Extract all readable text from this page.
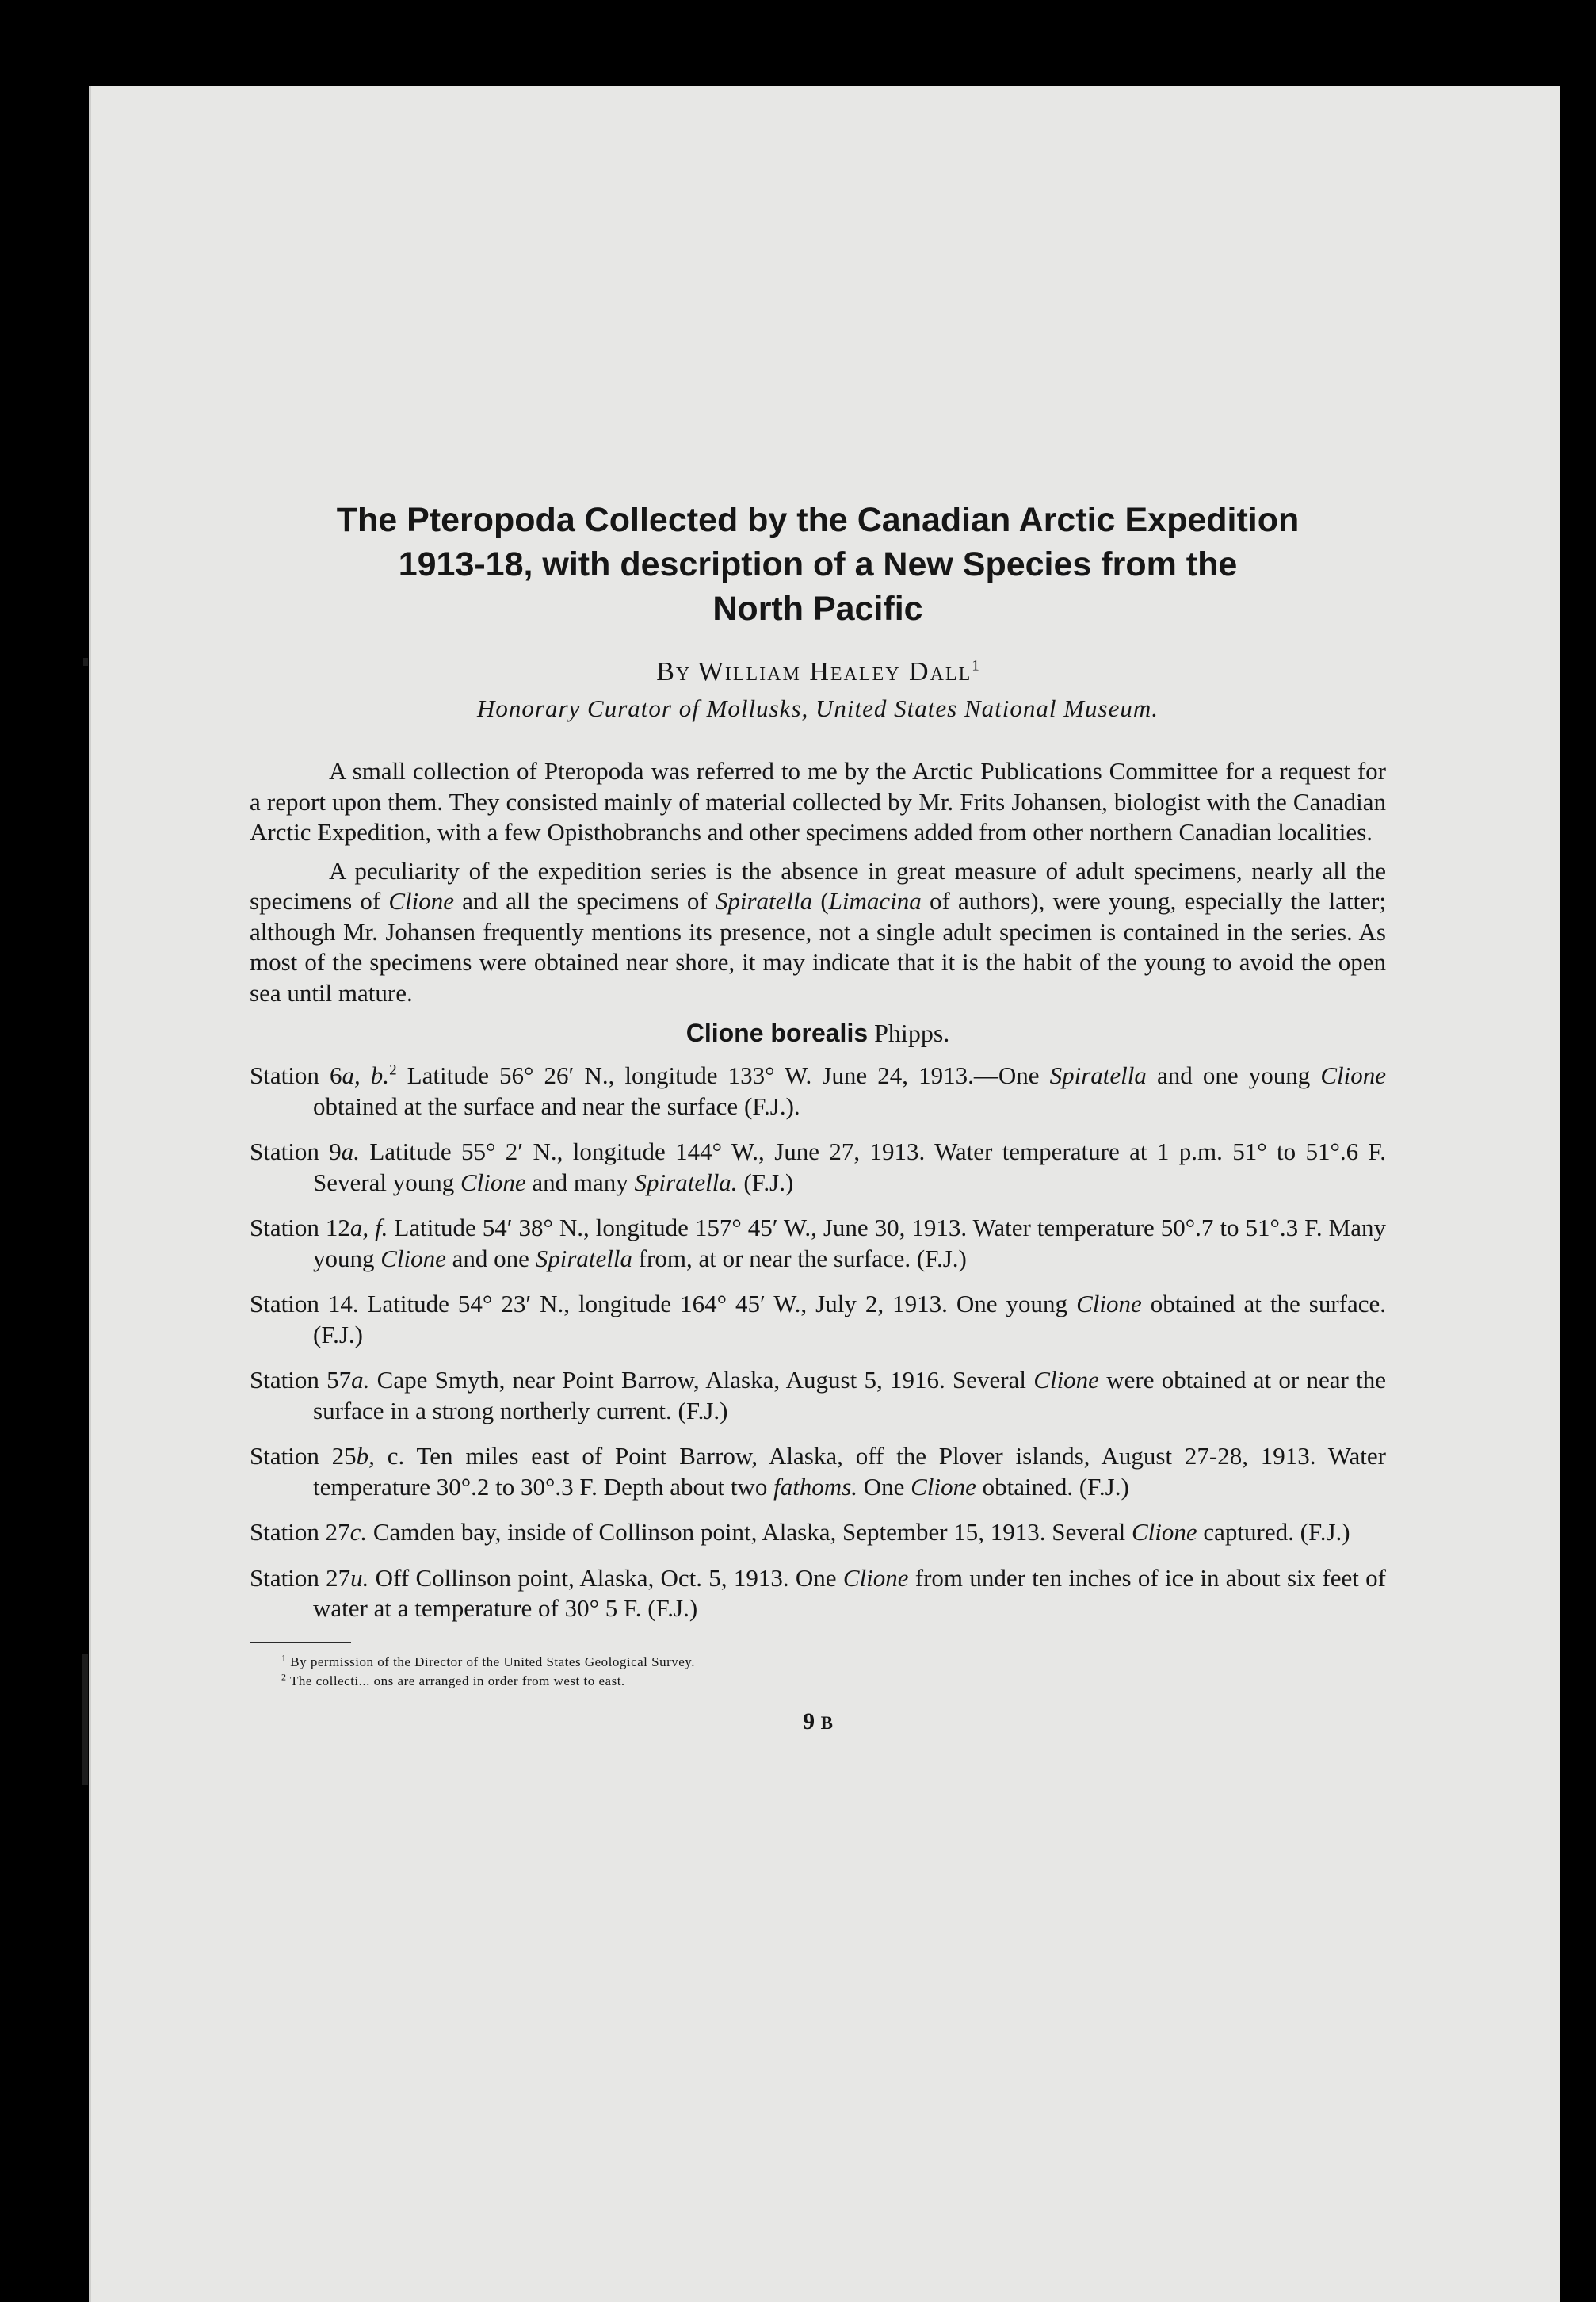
The Pteropoda Collected by the Canadian Arctic Expedition
1913-18, with description of a New Species from the
North Pacific
By William Healey Dall$^1$
Honorary Curator of Mollusks, United States National Museum.

A small collection of Pteropoda was referred to me by the Arctic Publications Committee for a request for a report upon them. They consisted mainly of material collected by Mr. Frits Johansen, biologist with the Canadian Arctic Expedition, with a few Opisthobranchs and other specimens added from other northern Canadian localities.

A peculiarity of the expedition series is the absence in great measure of adult specimens, nearly all the specimens of Clione and all the specimens of Spiratella (Limacina of authors), were young, especially the latter; although Mr. Johansen frequently mentions its presence, not a single adult specimen is contained in the series. As most of the specimens were obtained near shore, it may indicate that it is the habit of the young to avoid the open sea until mature.

Clione borealis Phipps.

Station 6a, b.$^2$ Latitude 56° 26′ N., longitude 133° W. June 24, 1913.—One Spiratella and one young Clione obtained at the surface and near the surface (F.J.).

Station 9a. Latitude 55° 2′ N., longitude 144° W., June 27, 1913. Water temperature at 1 p.m. 51° to 51°.6 F. Several young Clione and many Spiratella. (F.J.)

Station 12a, f. Latitude 54′ 38° N., longitude 157° 45′ W., June 30, 1913. Water temperature 50°.7 to 51°.3 F. Many young Clione and one Spiratella from, at or near the surface. (F.J.)

Station 14. Latitude 54° 23′ N., longitude 164° 45′ W., July 2, 1913. One young Clione obtained at the surface. (F.J.)

Station 57a. Cape Smyth, near Point Barrow, Alaska, August 5, 1916. Several Clione were obtained at or near the surface in a strong northerly current. (F.J.)

Station 25b, c. Ten miles east of Point Barrow, Alaska, off the Plover islands, August 27-28, 1913. Water temperature 30°.2 to 30°.3 F. Depth about two fathoms. One Clione obtained. (F.J.)

Station 27c. Camden bay, inside of Collinson point, Alaska, September 15, 1913. Several Clione captured. (F.J.)

Station 27u. Off Collinson point, Alaska, Oct. 5, 1913. One Clione from under ten inches of ice in about six feet of water at a temperature of 30° 5 F. (F.J.)

$^1$ By permission of the Director of the United States Geological Survey.

$^2$ The collecti... ons are arranged in order from west to east.

9 B
